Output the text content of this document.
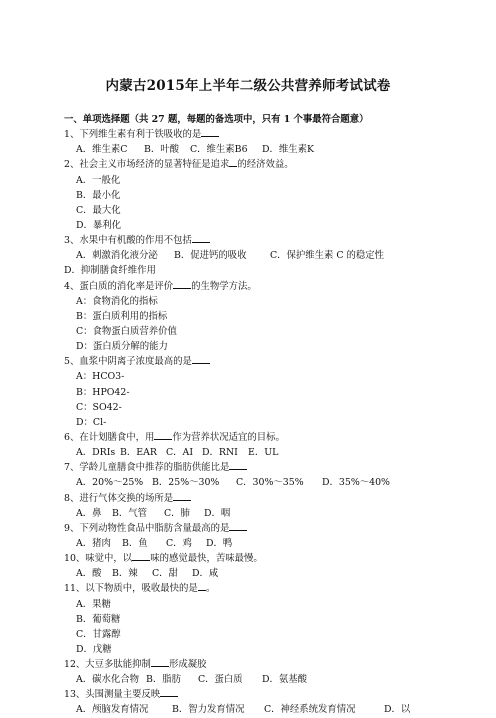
内蒙古2015年上半年二级公共营养师考试试卷
一、单项选择题（共 27 题，每题的备选项中，只有 1 个事最符合题意）
1、下列维生素有利于铁吸收的是
A．维生素C B．叶酸 C．维生素B6 D．维生素K
2、社会主义市场经济的显著特征是追求 的经济效益。
A．一般化
B．最小化
C．最大化
D．暴利化
3、水果中有机酸的作用不包括
A．刺激消化液分泌 B．促进钙的吸收 C．保护维生素 C 的稳定性
D．抑制膳食纤维作用
4、蛋白质的消化率是评价 的生物学方法。
A：食物消化的指标
B：蛋白质利用的指标
C：食物蛋白质营养价值
D：蛋白质分解的能力
5、血浆中阴离子浓度最高的是
A：HCO3-
B：HPO42-
C：SO42-
D：Cl-
6、在计划膳食中，用 作为营养状况适宜的目标。
A．DRIs B．EAR C．AI D．RNI E．UL
7、学龄儿童膳食中推荐的脂肪供能比是
A．20%～25% B．25%～30% C．30%～35% D．35%～40%
8、进行气体交换的场所是
A．鼻 B．气管 C．肺 D．咽
9、下列动物性食品中脂肪含量最高的是
A．猪肉 B．鱼 C．鸡 D．鸭
10、味觉中，以 味的感觉最快，苦味最慢。
A．酸 B．辣 C．甜 D．咸
11、以下物质中，吸收最快的是 。
A．果糖
B．葡萄糖
C．甘露醇
D．戊糖
12、大豆多肽能抑制 形成凝胶
A．碳水化合物 B．脂肪 C．蛋白质 D．氨基酸
13、头围测量主要反映
A．颅脑发育情况	B．智力发育情况 C．神经系统发育情况	D．以
